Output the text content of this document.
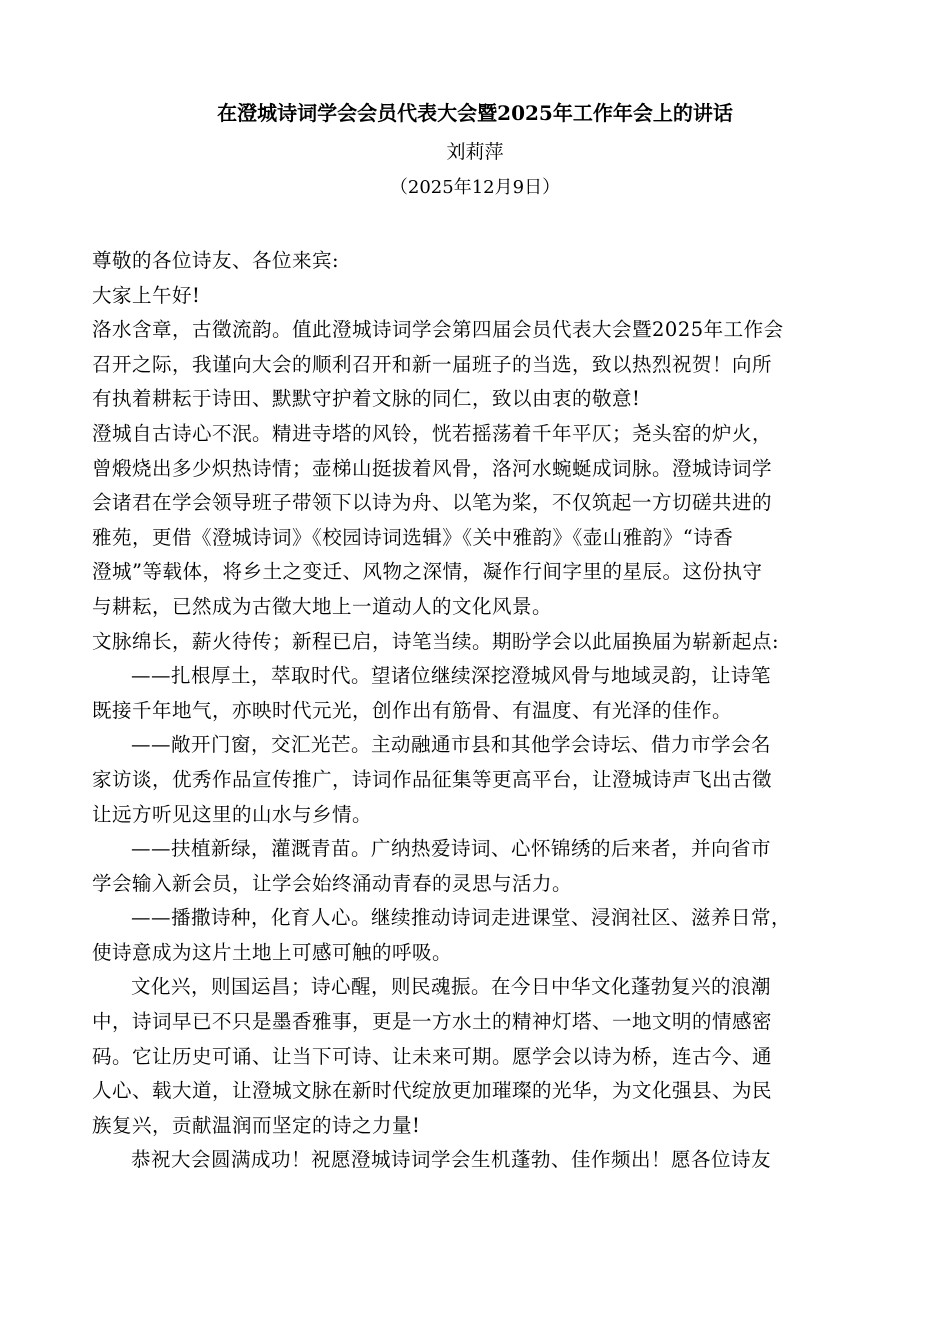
在澄城诗词学会会员代表大会暨2025年工作年会上的讲话
刘莉萍
（2025年12月9日）
尊敬的各位诗友、各位来宾:
大家上午好!
洛水含章，古徵流韵。值此澄城诗词学会第四届会员代表大会暨2025年工作会
召开之际，我谨向大会的顺利召开和新一届班子的当选，致以热烈祝贺！向所
有执着耕耘于诗田、默默守护着文脉的同仁，致以由衷的敬意!
澄城自古诗心不泯。精进寺塔的风铃，恍若摇荡着千年平仄；尧头窑的炉火，
曾煅烧出多少炽热诗情；壶梯山挺拔着风骨，洛河水蜿蜒成词脉。澄城诗词学
会诸君在学会领导班子带领下以诗为舟、以笔为桨，不仅筑起一方切磋共进的
雅苑，更借《澄城诗词》《校园诗词选辑》《关中雅韵》《壶山雅韵》“诗香
澄城”等载体，将乡土之变迁、风物之深情，凝作行间字里的星辰。这份执守
与耕耘，已然成为古徵大地上一道动人的文化风景。
文脉绵长，薪火待传；新程已启，诗笔当续。期盼学会以此届换届为崭新起点:
——扎根厚土，萃取时代。望诸位继续深挖澄城风骨与地域灵韵，让诗笔
既接千年地气，亦映时代元光，创作出有筋骨、有温度、有光泽的佳作。
——敞开门窗，交汇光芒。主动融通市县和其他学会诗坛、借力市学会名
家访谈，优秀作品宣传推广，诗词作品征集等更高平台，让澄城诗声飞出古徵
让远方听见这里的山水与乡情。
——扶植新绿，灌溉青苗。广纳热爱诗词、心怀锦绣的后来者，并向省市
学会输入新会员，让学会始终涌动青春的灵思与活力。
——播撒诗种，化育人心。继续推动诗词走进课堂、浸润社区、滋养日常，
使诗意成为这片土地上可感可触的呼吸。
文化兴，则国运昌；诗心醒，则民魂振。在今日中华文化蓬勃复兴的浪潮
中，诗词早已不只是墨香雅事，更是一方水土的精神灯塔、一地文明的情感密
码。它让历史可诵、让当下可诗、让未来可期。愿学会以诗为桥，连古今、通
人心、载大道，让澄城文脉在新时代绽放更加璀璨的光华，为文化强县、为民
族复兴，贡献温润而坚定的诗之力量!
恭祝大会圆满成功！祝愿澄城诗词学会生机蓬勃、佳作频出！愿各位诗友
